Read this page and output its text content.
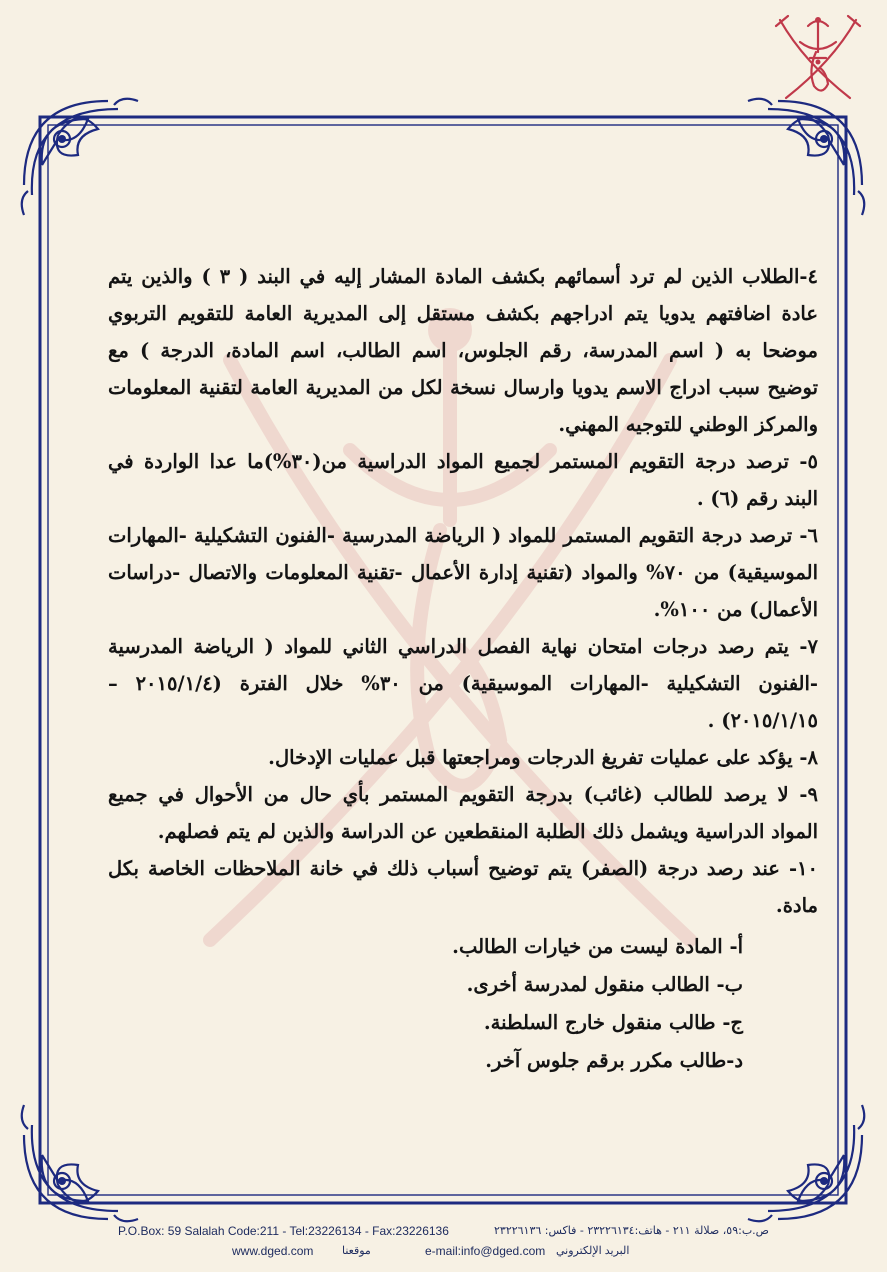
٤-الطلاب الذين لم ترد أسمائهم بكشف المادة المشار إليه في البند ( ٣ ) والذين يتم عادة اضافتهم يدويا يتم ادراجهم بكشف مستقل إلى المديرية العامة للتقويم التربوي موضحا به ( اسم المدرسة، رقم الجلوس، اسم الطالب، اسم المادة، الدرجة ) مع توضيح سبب ادراج الاسم يدويا وارسال نسخة لكل من المديرية العامة لتقنية المعلومات والمركز الوطني للتوجيه المهني.

٥- ترصد درجة التقويم المستمر لجميع المواد الدراسية من(٣٠%)ما عدا الواردة في البند رقم (٦) .

٦- ترصد درجة التقويم المستمر للمواد ( الرياضة المدرسية -الفنون التشكيلية -المهارات الموسيقية) من ٧٠% والمواد (تقنية إدارة الأعمال -تقنية المعلومات والاتصال -دراسات الأعمال) من ١٠٠%.

٧- يتم رصد درجات امتحان نهاية الفصل الدراسي الثاني للمواد ( الرياضة المدرسية -الفنون التشكيلية -المهارات الموسيقية) من ٣٠% خلال الفترة (٢٠١٥/١/٤ – ٢٠١٥/١/١٥) .

٨- يؤكد على عمليات تفريغ الدرجات ومراجعتها قبل عمليات الإدخال.

٩- لا يرصد للطالب (غائب) بدرجة التقويم المستمر بأي حال من الأحوال في جميع المواد الدراسية ويشمل ذلك الطلبة المنقطعين عن الدراسة والذين لم يتم فصلهم.

١٠- عند رصد درجة (الصفر) يتم توضيح أسباب ذلك في خانة الملاحظات الخاصة بكل مادة.

أ- المادة ليست من خيارات الطالب.
ب- الطالب منقول لمدرسة أخرى.
ج- طالب منقول خارج السلطنة.
د-طالب مكرر برقم جلوس آخر.
P.O.Box: 59 Salalah Code:211 - Tel:23226134 - Fax:23226136	ص.ب:٥٩، صلالة ٢١١ - هاتف:٢٣٢٢٦١٣٤ - فاكس: ٢٣٢٢٦١٣٦
www.dged.com	موقعنا	e-mail:info@dged.com البريد الإلكتروني
